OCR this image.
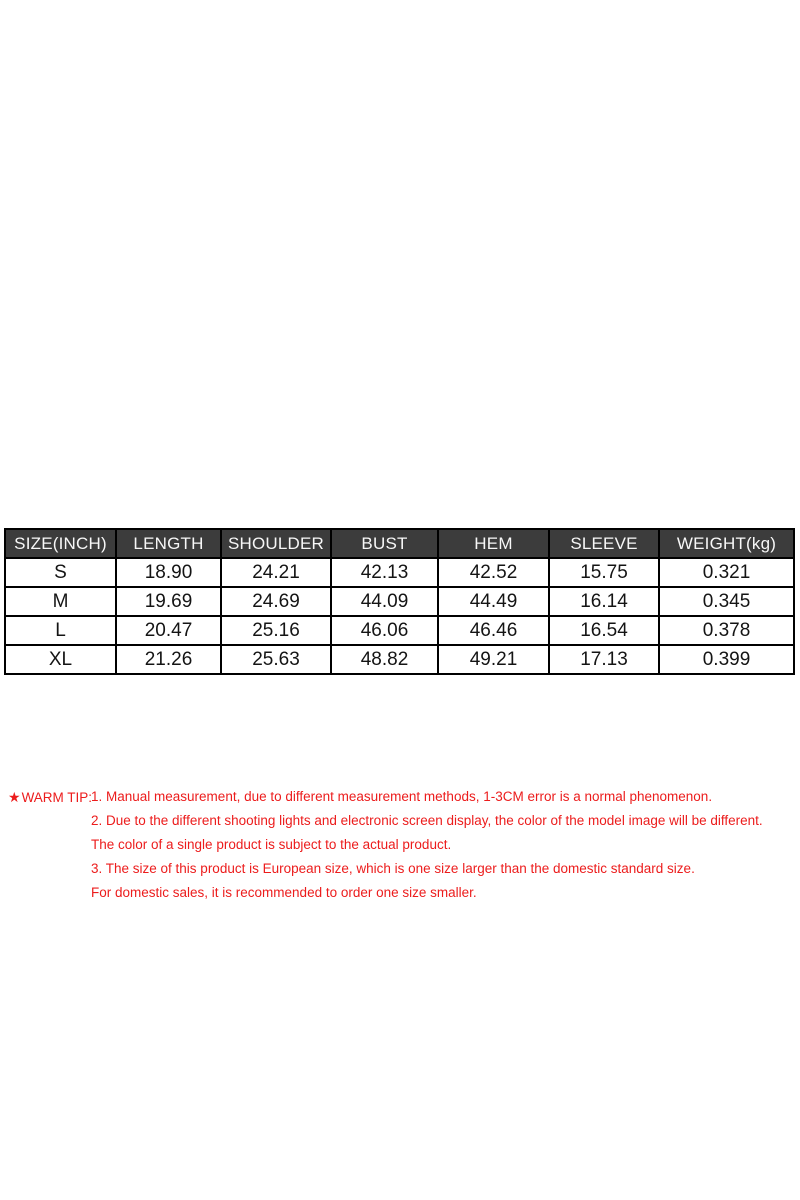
SIZE(INCH)	LENGTH	SHOULDER	BUST	HEM	SLEEVE	WEIGHT(kg)
S	18.90	24.21	42.13	42.52	15.75	0.321
M	19.69	24.69	44.09	44.49	16.14	0.345
L	20.47	25.16	46.06	46.46	16.54	0.378
XL	21.26	25.63	48.82	49.21	17.13	0.399
★WARM TIP:
1. Manual measurement, due to different measurement methods, 1-3CM error is a normal phenomenon.
2. Due to the different shooting lights and electronic screen display, the color of the model image will be different.
The color of a single product is subject to the actual product.
3. The size of this product is European size, which is one size larger than the domestic standard size.
For domestic sales, it is recommended to order one size smaller.
